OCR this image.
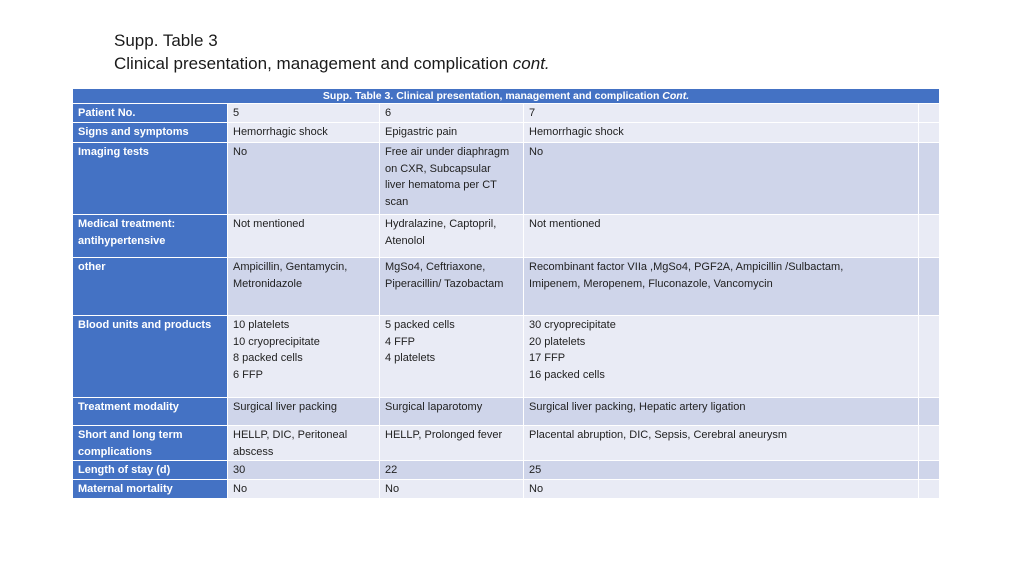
Supp. Table 3
Clinical presentation, management and complication cont.
Supp. Table 3. Clinical presentation, management and complication Cont.				
Patient No.	5	6	7	
Signs and symptoms	Hemorrhagic shock	Epigastric pain	Hemorrhagic shock	
Imaging tests	No	Free air under diaphragm
on CXR, Subcapsular
liver hematoma per CT
scan	No	
Medical treatment:
antihypertensive	Not mentioned	Hydralazine, Captopril,
Atenolol	Not mentioned	
other	Ampicillin, Gentamycin,
Metronidazole	MgSo4, Ceftriaxone,
Piperacillin/ Tazobactam	Recombinant factor VIIa ,MgSo4, PGF2A, Ampicillin /Sulbactam,
Imipenem, Meropenem, Fluconazole, Vancomycin	
Blood units and products	10 platelets
10 cryoprecipitate
8 packed cells
6 FFP	5 packed cells
4 FFP
4 platelets	30 cryoprecipitate
20 platelets
17 FFP
16 packed cells	
Treatment modality	Surgical liver packing	Surgical laparotomy	Surgical liver packing, Hepatic artery ligation	
Short and long term
complications	HELLP, DIC, Peritoneal
abscess	HELLP, Prolonged fever	Placental abruption, DIC, Sepsis, Cerebral aneurysm	
Length of stay (d)	30	22	25	
Maternal mortality	No	No	No	
